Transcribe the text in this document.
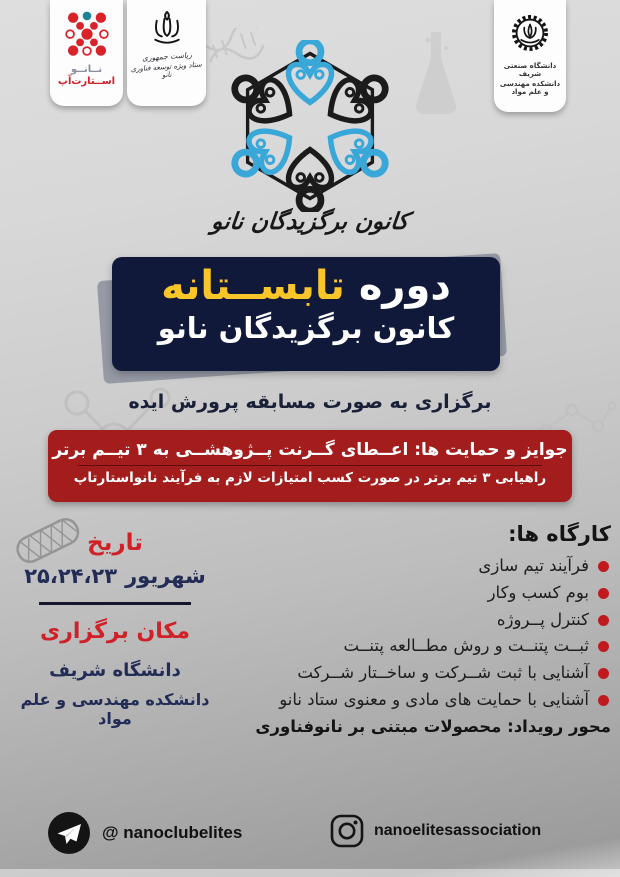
نــانــو
اســتارت‌آپ
ریاست جمهوری
ستاد ویژه توسعه فناوری نانو
دانشگاه صنعتی شریف
دانشکده مهندسی و علم مواد
کانون برگزیدگان نانو
دوره تابســتانه
کانون برگزیدگان نانو
برگزاری به صورت مسابقه پرورش ایده
جوایز و حمایت ها: اعــطای گــرنت پــژوهشــی به ۳ تیــم برتر
راهیابی ۳ تیم برتر در صورت کسب امتیازات لازم به فرآیند نانواستارتاپ
تاریخ
۲۵،۲۴،۲۳ شهریور
مکان برگزاری
دانشگاه شریف
دانشکده مهندسی و علم مواد
کارگاه ها:
فرآیند تیم سازی
بوم کسب وکار
کنترل پــروژه
ثبــت پتنــت و روش مطــالعه پتنــت
آشنایی با ثبت شــرکت و ساخــتار شــرکت
آشنایی با حمایت های مادی و معنوی ستاد نانو
محور رویداد: محصولات مبتنی بر نانوفناوری
@ nanoclubelites	nanoelitesassociation
